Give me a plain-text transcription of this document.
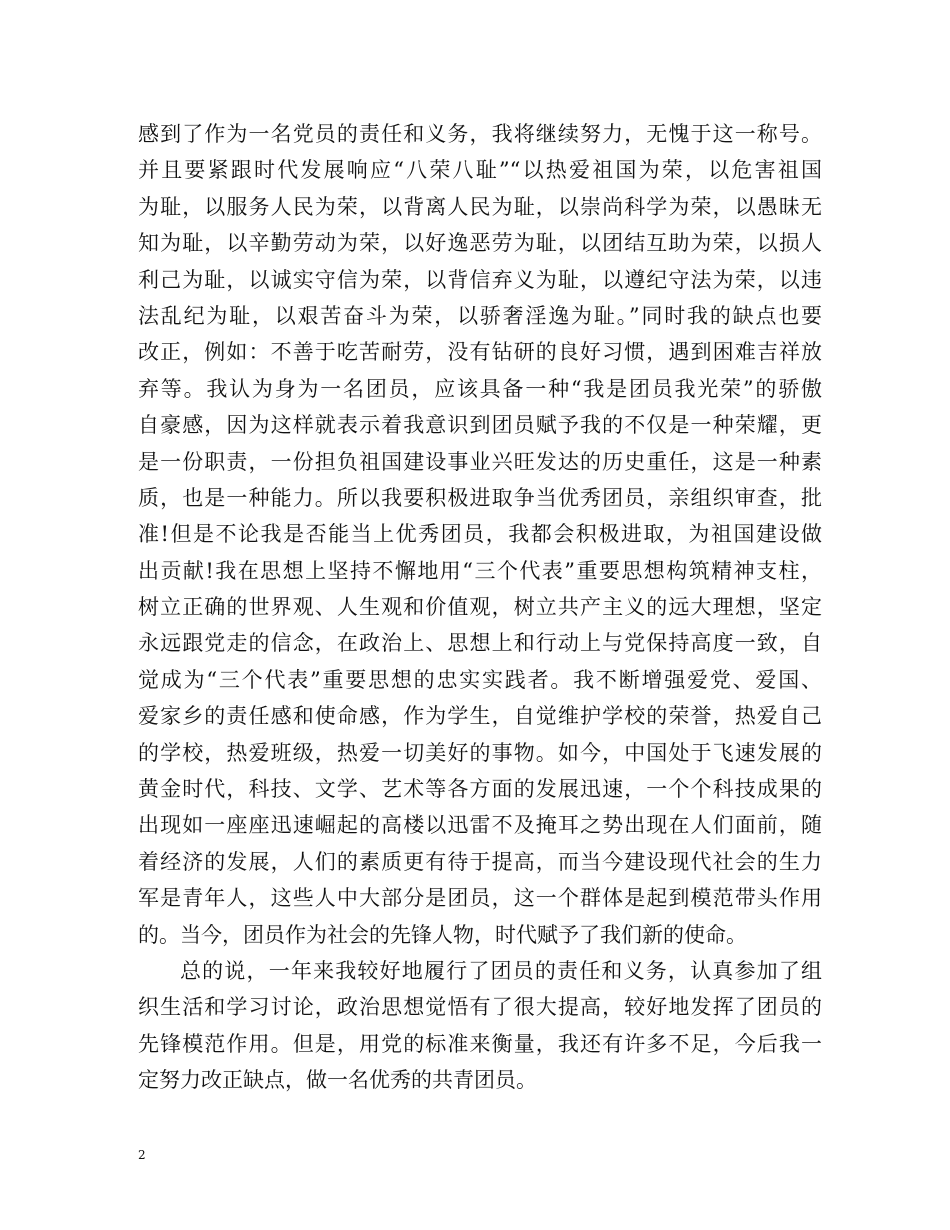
感到了作为一名党员的责任和义务，我将继续努力，无愧于这一称号。
并且要紧跟时代发展响应“八荣八耻”“以热爱祖国为荣，以危害祖国
为耻，以服务人民为荣，以背离人民为耻，以崇尚科学为荣，以愚昧无
知为耻，以辛勤劳动为荣，以好逸恶劳为耻，以团结互助为荣，以损人
利己为耻，以诚实守信为荣，以背信弃义为耻，以遵纪守法为荣，以违
法乱纪为耻，以艰苦奋斗为荣，以骄奢淫逸为耻。”同时我的缺点也要
改正，例如：不善于吃苦耐劳，没有钻研的良好习惯，遇到困难吉祥放
弃等。我认为身为一名团员，应该具备一种“我是团员我光荣”的骄傲
自豪感，因为这样就表示着我意识到团员赋予我的不仅是一种荣耀，更
是一份职责，一份担负祖国建设事业兴旺发达的历史重任，这是一种素
质，也是一种能力。所以我要积极进取争当优秀团员，亲组织审查，批
准!但是不论我是否能当上优秀团员，我都会积极进取，为祖国建设做
出贡献!我在思想上坚持不懈地用“三个代表”重要思想构筑精神支柱，
树立正确的世界观、人生观和价值观，树立共产主义的远大理想，坚定
永远跟党走的信念，在政治上、思想上和行动上与党保持高度一致，自
觉成为“三个代表”重要思想的忠实实践者。我不断增强爱党、爱国、
爱家乡的责任感和使命感，作为学生，自觉维护学校的荣誉，热爱自己
的学校，热爱班级，热爱一切美好的事物。如今，中国处于飞速发展的
黄金时代，科技、文学、艺术等各方面的发展迅速，一个个科技成果的
出现如一座座迅速崛起的高楼以迅雷不及掩耳之势出现在人们面前，随
着经济的发展，人们的素质更有待于提高，而当今建设现代社会的生力
军是青年人，这些人中大部分是团员，这一个群体是起到模范带头作用
的。当今，团员作为社会的先锋人物，时代赋予了我们新的使命。
总的说，一年来我较好地履行了团员的责任和义务，认真参加了组
织生活和学习讨论，政治思想觉悟有了很大提高，较好地发挥了团员的
先锋模范作用。但是，用党的标准来衡量，我还有许多不足，今后我一
定努力改正缺点，做一名优秀的共青团员。
2
